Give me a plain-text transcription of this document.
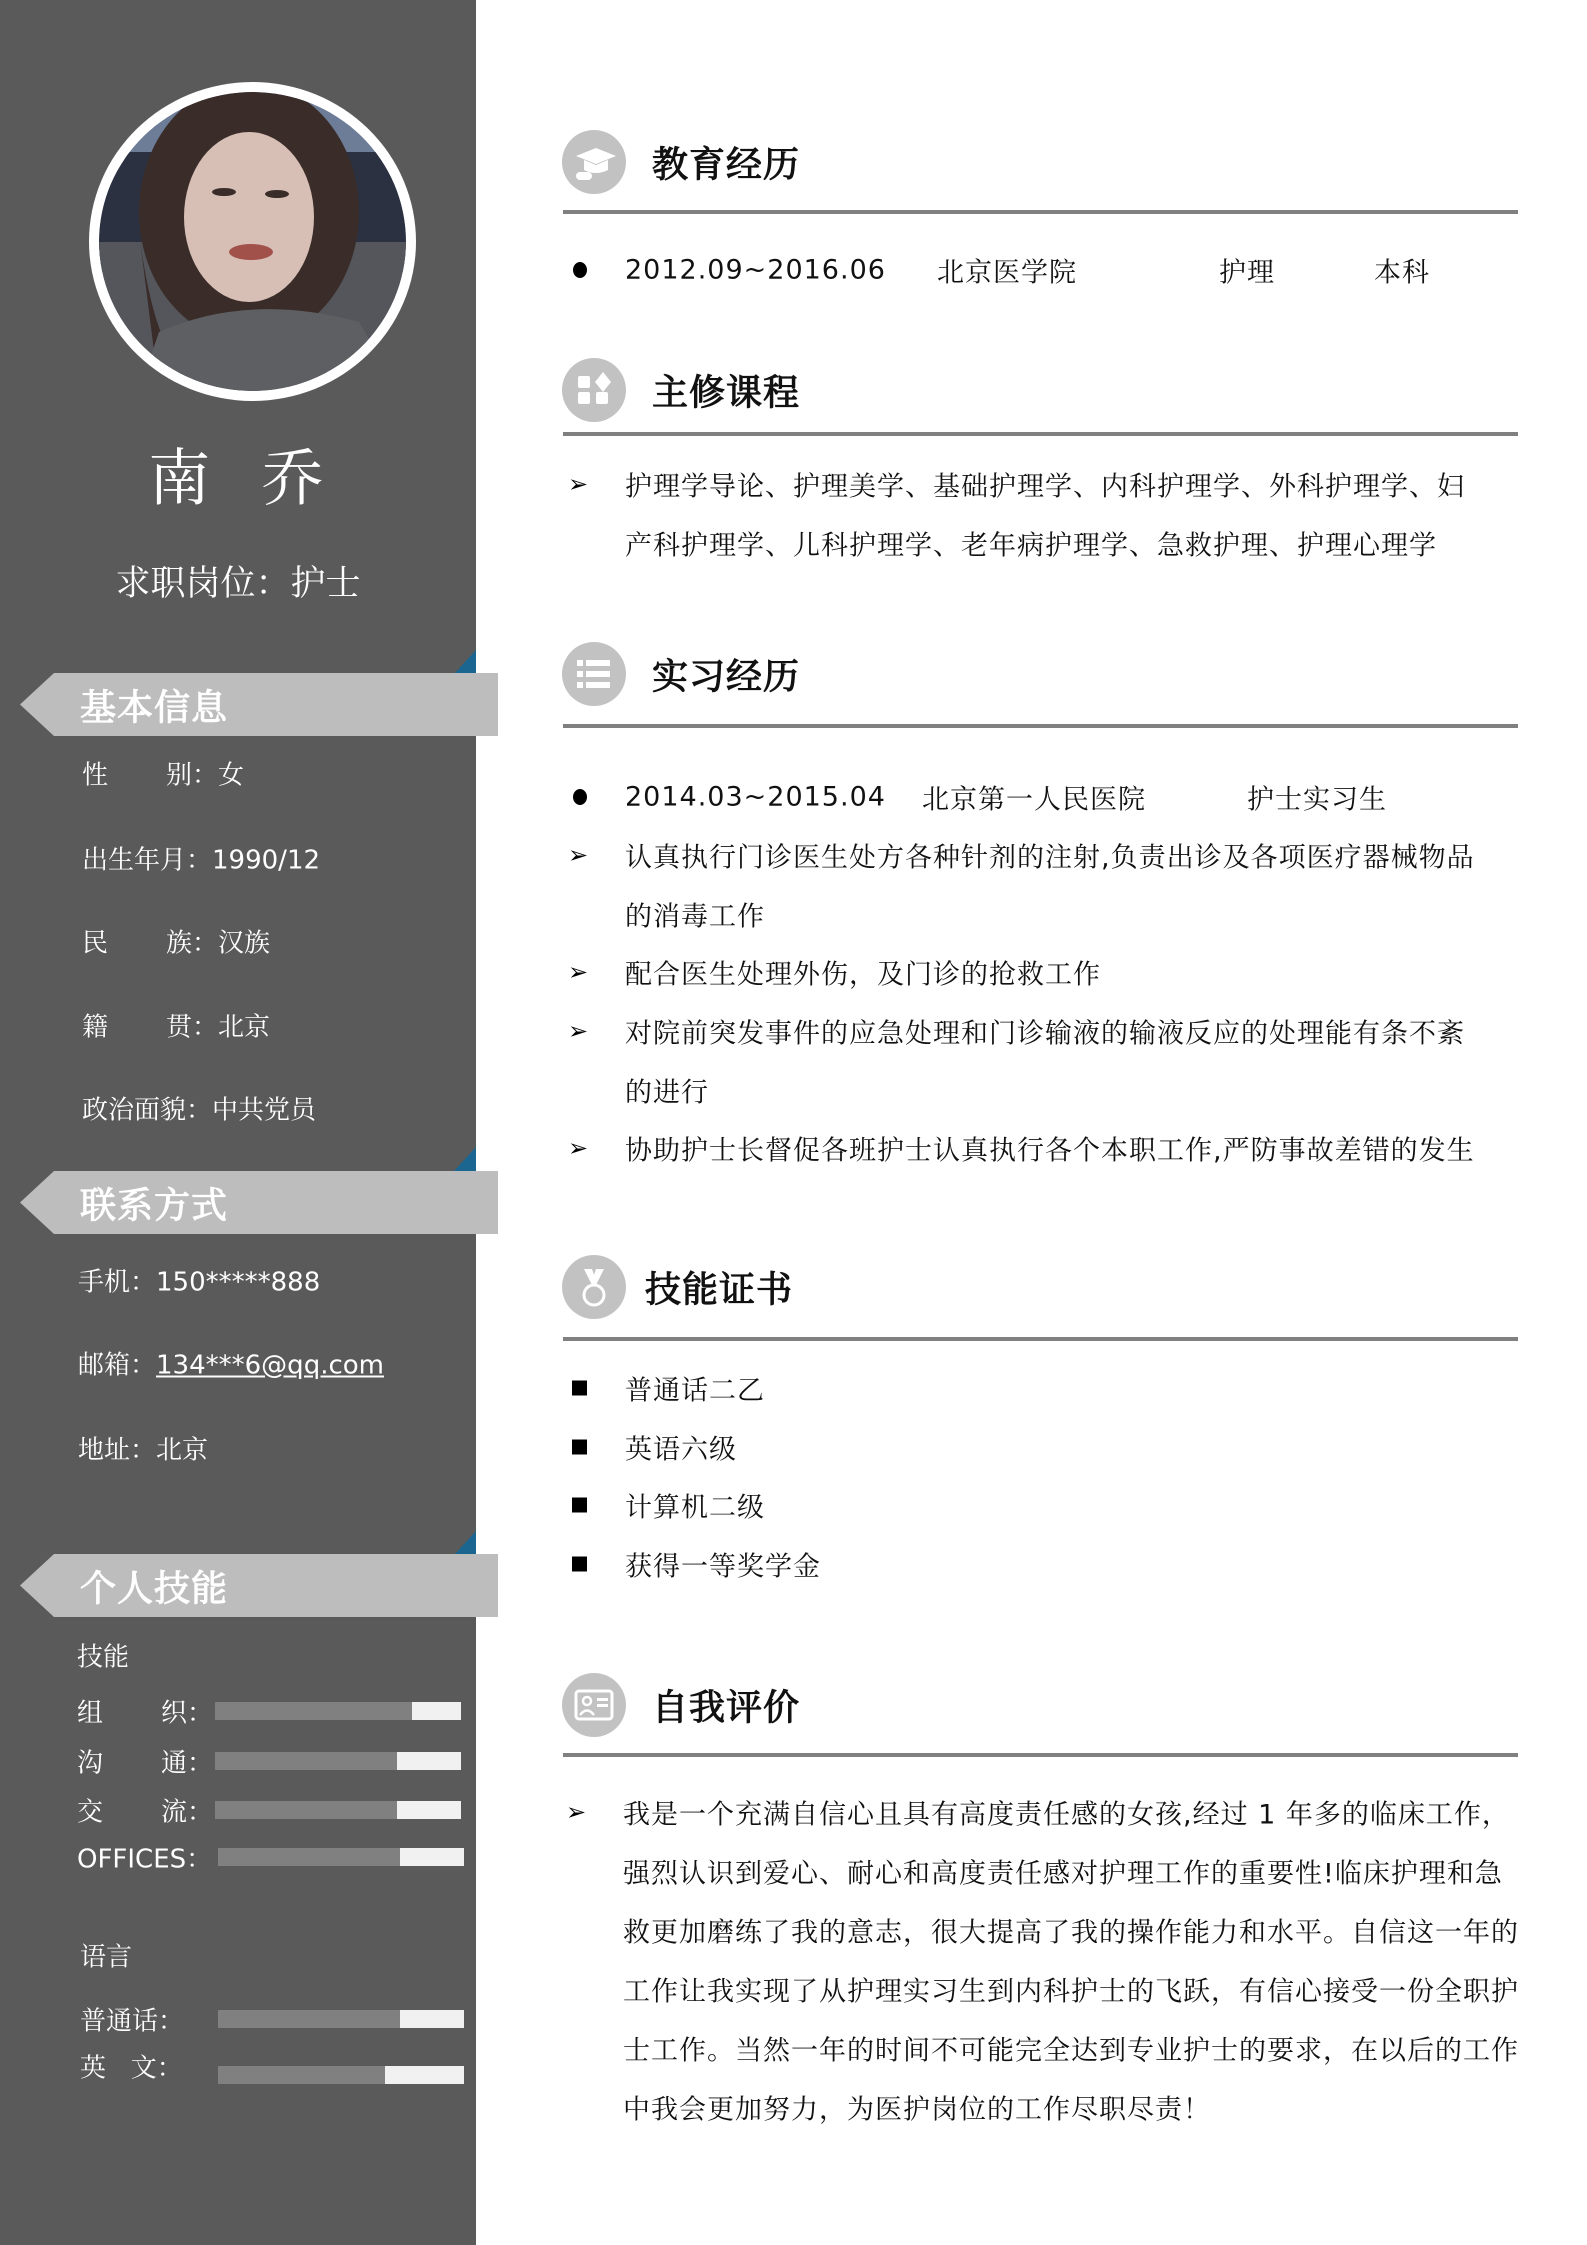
南  乔
求职岗位：护士
基本信息
性 别：女
出生年月：1990/12
民 族：汉族
籍 贯：北京
政治面貌：中共党员
联系方式
手机：150*****888
邮箱：134***6@qq.com
地址：北京
个人技能
技能
组 织：
沟 通：
交 流：
OFFICES：
语言
普通话：
英   文：
教育经历
2012.09~2016.06 北京医学院	护理	本科
主修课程
➢ 护理学导论、护理美学、基础护理学、内科护理学、外科护理学、妇
产科护理学、儿科护理学、老年病护理学、急救护理、护理心理学
实习经历
2014.03~2015.04 北京第一人民医院	护士实习生
➢ 认真执行门诊医生处方各种针剂的注射,负责出诊及各项医疗器械物品
的消毒工作
➢ 配合医生处理外伤，及门诊的抢救工作
➢ 对院前突发事件的应急处理和门诊输液的输液反应的处理能有条不紊
的进行
➢ 协助护士长督促各班护士认真执行各个本职工作,严防事故差错的发生
技能证书
普通话二乙
英语六级
计算机二级
获得一等奖学金
自我评价
➢ 我是一个充满自信心且具有高度责任感的女孩,经过 1 年多的临床工作，
强烈认识到爱心、耐心和高度责任感对护理工作的重要性!临床护理和急
救更加磨练了我的意志，很大提高了我的操作能力和水平。自信这一年的
工作让我实现了从护理实习生到内科护士的飞跃，有信心接受一份全职护
士工作。当然一年的时间不可能完全达到专业护士的要求，在以后的工作
中我会更加努力，为医护岗位的工作尽职尽责！
